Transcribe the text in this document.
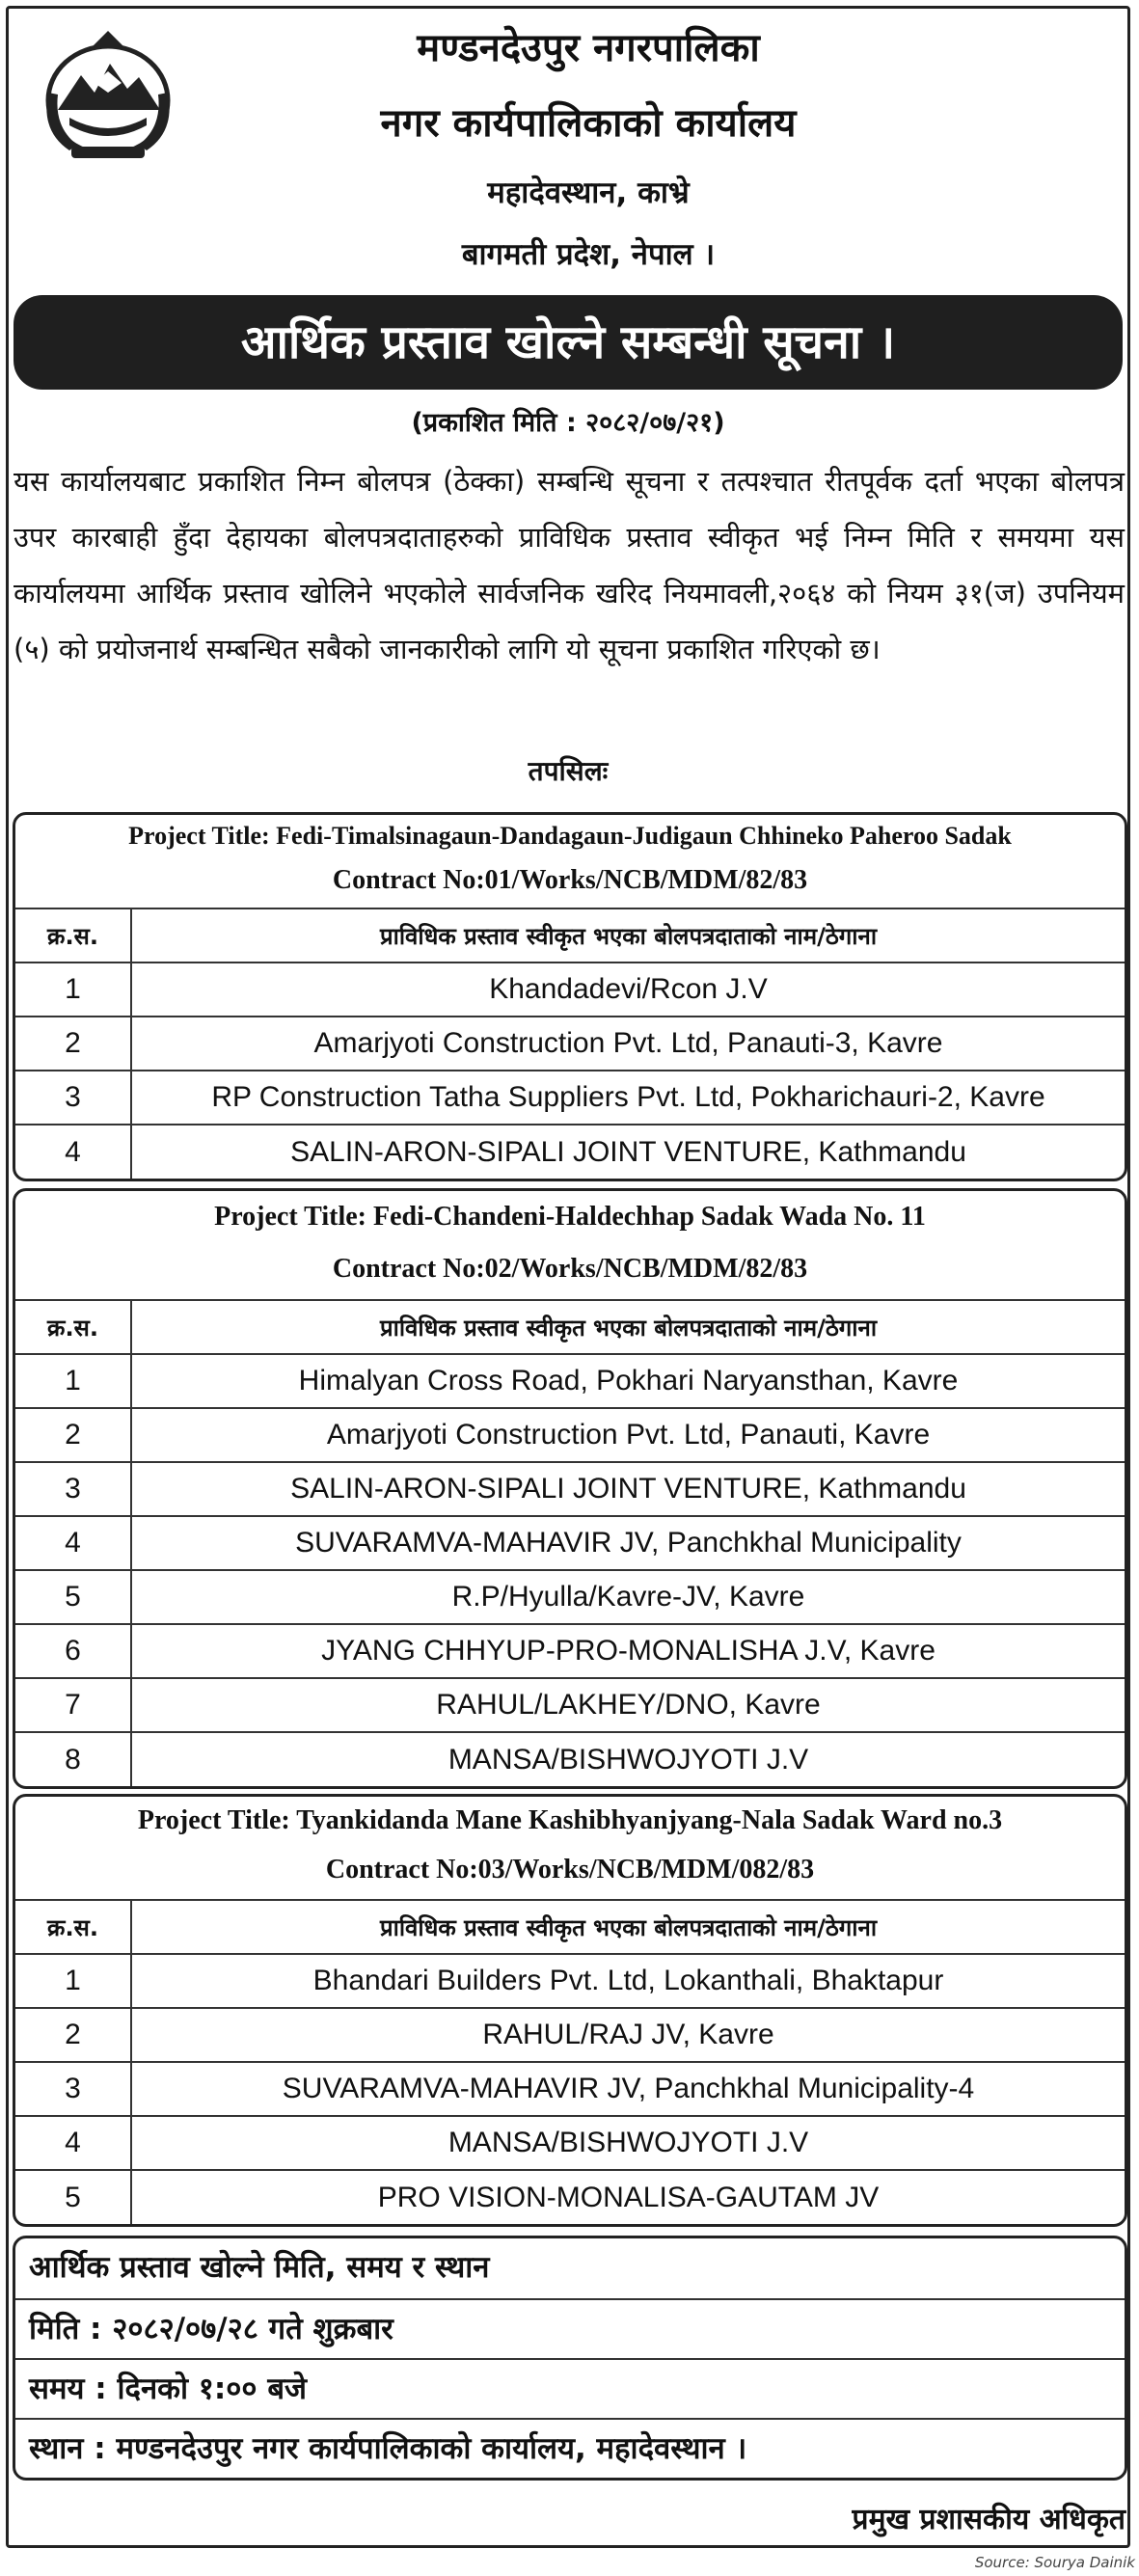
मण्डनदेउपुर नगरपालिका
नगर कार्यपालिकाको कार्यालय
महादेवस्थान, काभ्रे
बागमती प्रदेश, नेपाल ।
आर्थिक प्रस्ताव खोल्ने सम्बन्धी सूचना ।
(प्रकाशित मिति : २०८२/०७/२१)
यस कार्यालयबाट प्रकाशित निम्न बोलपत्र (ठेक्का) सम्बन्धि सूचना र तत्पश्चात रीतपूर्वक दर्ता भएका बोलपत्र उपर कारबाही हुँदा देहायका बोलपत्रदाताहरुको प्राविधिक प्रस्ताव स्वीकृत भई निम्न मिति र समयमा यस कार्यालयमा आर्थिक प्रस्ताव खोलिने भएकोले सार्वजनिक खरिद नियमावली,२०६४ को नियम ३१(ज) उपनियम (५) को प्रयोजनार्थ सम्बन्धित सबैको जानकारीको लागि यो सूचना प्रकाशित गरिएको छ।
तपसिलः
Project Title: Fedi-Timalsinagaun-Dandagaun-Judigaun Chhineko Paheroo Sadak
Contract No:01/Works/NCB/MDM/82/83
क्र.स.	प्राविधिक प्रस्ताव स्वीकृत भएका बोलपत्रदाताको नाम/ठेगाना
1	Khandadevi/Rcon J.V
2	Amarjyoti Construction Pvt. Ltd, Panauti-3, Kavre
3	RP Construction Tatha Suppliers Pvt. Ltd, Pokharichauri-2, Kavre
4	SALIN-ARON-SIPALI JOINT VENTURE, Kathmandu
Project Title: Fedi-Chandeni-Haldechhap Sadak Wada No. 11
Contract No:02/Works/NCB/MDM/82/83
क्र.स.	प्राविधिक प्रस्ताव स्वीकृत भएका बोलपत्रदाताको नाम/ठेगाना
1	Himalyan Cross Road, Pokhari Naryansthan, Kavre
2	Amarjyoti Construction Pvt. Ltd, Panauti, Kavre
3	SALIN-ARON-SIPALI JOINT VENTURE, Kathmandu
4	SUVARAMVA-MAHAVIR JV, Panchkhal Municipality
5	R.P/Hyulla/Kavre-JV, Kavre
6	JYANG CHHYUP-PRO-MONALISHA J.V, Kavre
7	RAHUL/LAKHEY/DNO, Kavre
8	MANSA/BISHWOJYOTI J.V
Project Title: Tyankidanda Mane Kashibhyanjyang-Nala Sadak Ward no.3
Contract No:03/Works/NCB/MDM/082/83
क्र.स.	प्राविधिक प्रस्ताव स्वीकृत भएका बोलपत्रदाताको नाम/ठेगाना
1	Bhandari Builders Pvt. Ltd, Lokanthali, Bhaktapur
2	RAHUL/RAJ JV, Kavre
3	SUVARAMVA-MAHAVIR JV, Panchkhal Municipality-4
4	MANSA/BISHWOJYOTI J.V
5	PRO VISION-MONALISA-GAUTAM JV
आर्थिक प्रस्ताव खोल्ने मिति, समय र स्थान
मिति : २०८२/०७/२८ गते शुक्रबार
समय : दिनको १:०० बजे
स्थान : मण्डनदेउपुर नगर कार्यपालिकाको कार्यालय, महादेवस्थान ।
प्रमुख प्रशासकीय अधिकृत
Source: Sourya Dainik
